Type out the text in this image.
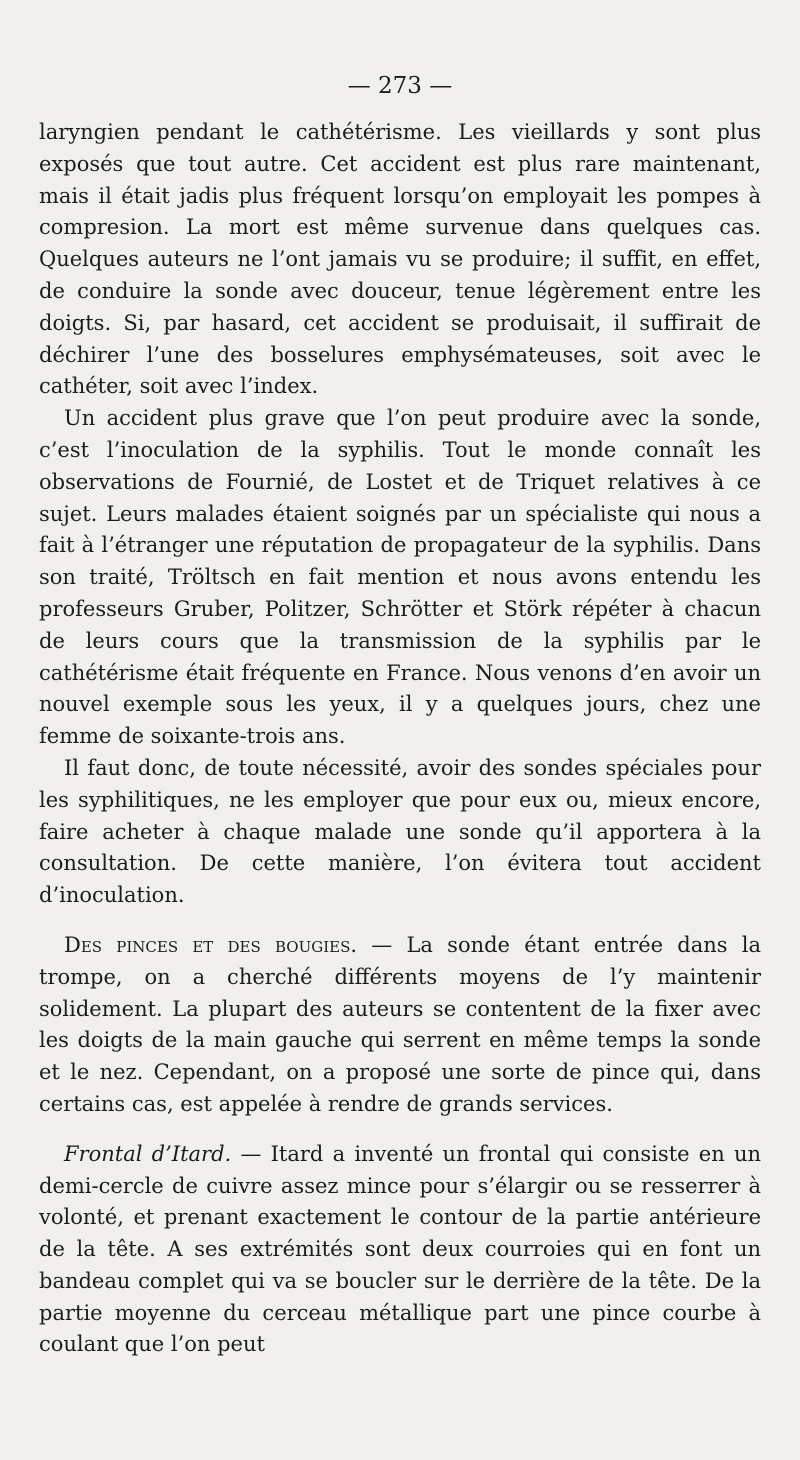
— 273 —

laryngien pendant le cathétérisme. Les vieillards y sont plus exposés que tout autre. Cet accident est plus rare maintenant, mais il était jadis plus fréquent lorsqu’on employait les pompes à compresion. La mort est même survenue dans quelques cas. Quelques auteurs ne l’ont jamais vu se produire; il suffit, en effet, de conduire la sonde avec douceur, tenue légèrement entre les doigts. Si, par hasard, cet accident se produisait, il suffirait de déchirer l’une des bosselures emphysémateuses, soit avec le cathéter, soit avec l’index.

Un accident plus grave que l’on peut produire avec la sonde, c’est l’inoculation de la syphilis. Tout le monde connaît les observations de Fournié, de Lostet et de Triquet relatives à ce sujet. Leurs malades étaient soignés par un spécialiste qui nous a fait à l’étranger une réputation de propagateur de la syphilis. Dans son traité, Tröltsch en fait mention et nous avons entendu les professeurs Gruber, Politzer, Schrötter et Störk répéter à chacun de leurs cours que la transmission de la syphilis par le cathétérisme était fréquente en France. Nous venons d’en avoir un nouvel exemple sous les yeux, il y a quelques jours, chez une femme de soixante-trois ans.

Il faut donc, de toute nécessité, avoir des sondes spéciales pour les syphilitiques, ne les employer que pour eux ou, mieux encore, faire acheter à chaque malade une sonde qu’il apportera à la consultation. De cette manière, l’on évitera tout accident d’inoculation.

Des pinces et des bougies. — La sonde étant entrée dans la trompe, on a cherché différents moyens de l’y maintenir solidement. La plupart des auteurs se contentent de la fixer avec les doigts de la main gauche qui serrent en même temps la sonde et le nez. Cependant, on a proposé une sorte de pince qui, dans certains cas, est appelée à rendre de grands services.

Frontal d’Itard. — Itard a inventé un frontal qui consiste en un demi-cercle de cuivre assez mince pour s’élargir ou se resserrer à volonté, et prenant exactement le contour de la partie antérieure de la tête. A ses extrémités sont deux courroies qui en font un bandeau complet qui va se boucler sur le derrière de la tête. De la partie moyenne du cerceau métallique part une pince courbe à coulant que l’on peut
